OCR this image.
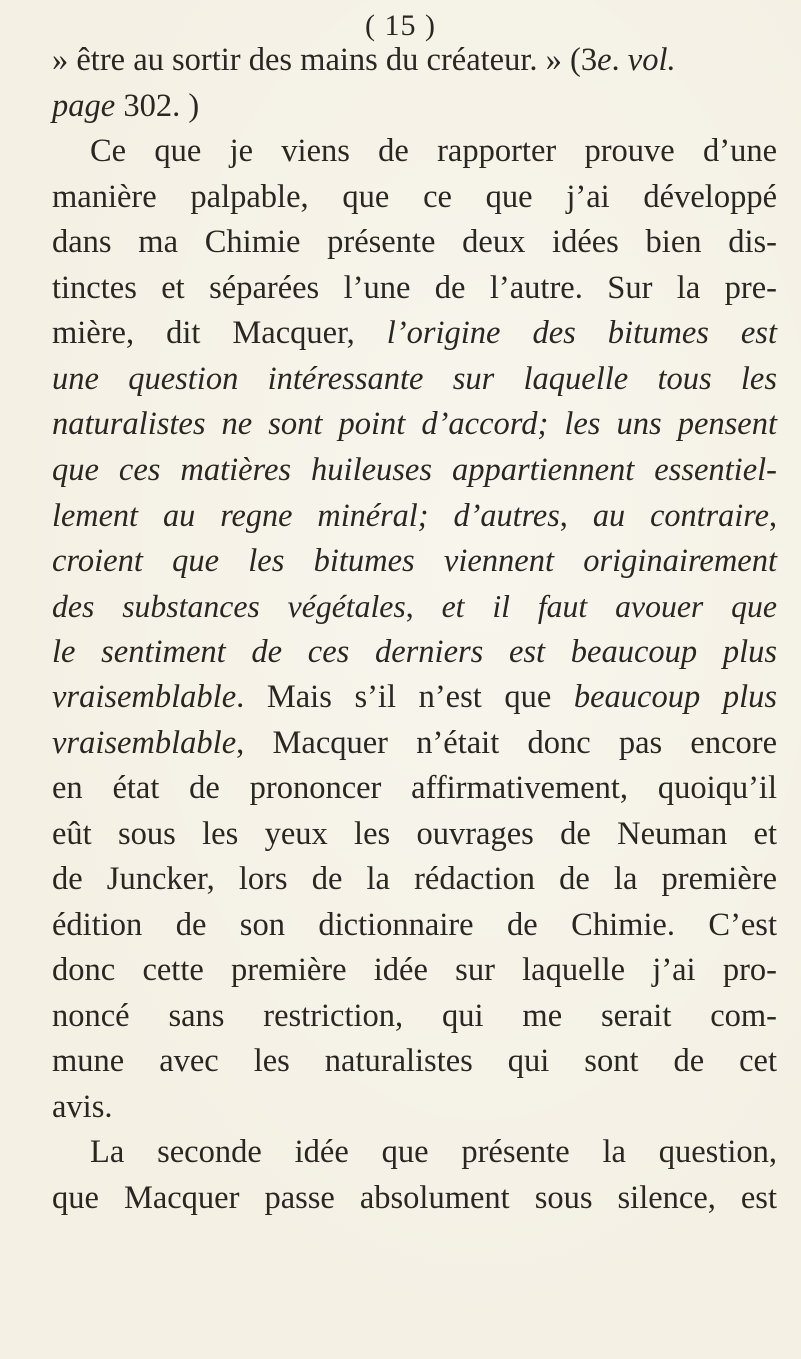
( 15 )
» être au sortir des mains du créateur. » (3e. vol.
page 302. )
Ce que je viens de rapporter prouve d’une
manière palpable, que ce que j’ai développé
dans ma Chimie présente deux idées bien dis-
tinctes et séparées l’une de l’autre. Sur la pre-
mière, dit Macquer, l’origine des bitumes est
une question intéressante sur laquelle tous les
naturalistes ne sont point d’accord; les uns pensent
que ces matières huileuses appartiennent essentiel-
lement au regne minéral; d’autres, au contraire,
croient que les bitumes viennent originairement
des substances végétales, et il faut avouer que
le sentiment de ces derniers est beaucoup plus
vraisemblable. Mais s’il n’est que beaucoup plus
vraisemblable, Macquer n’était donc pas encore
en état de prononcer affirmativement, quoiqu’il
eût sous les yeux les ouvrages de Neuman et
de Juncker, lors de la rédaction de la première
édition de son dictionnaire de Chimie. C’est
donc cette première idée sur laquelle j’ai pro-
noncé sans restriction, qui me serait com-
mune avec les naturalistes qui sont de cet
avis.
La seconde idée que présente la question,
que Macquer passe absolument sous silence, est
